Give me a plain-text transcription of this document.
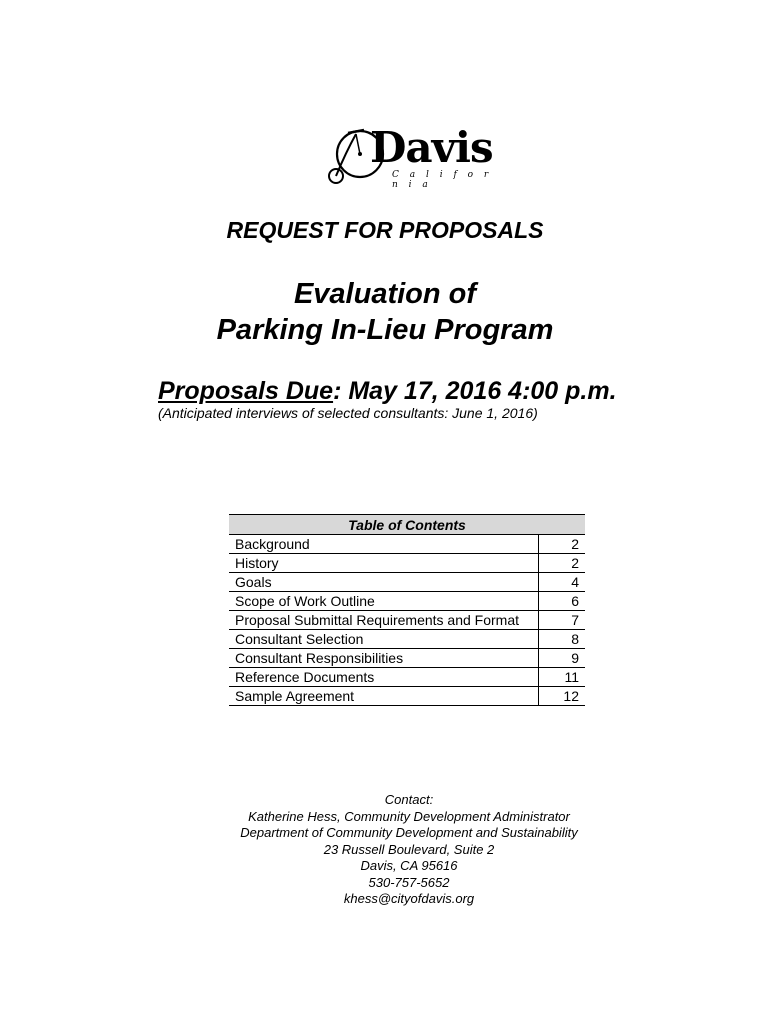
Davis
C a l i f o r n i a
REQUEST FOR PROPOSALS
Evaluation of
Parking In-Lieu Program
Proposals Due: May 17, 2016 4:00 p.m.
(Anticipated interviews of selected consultants: June 1, 2016)
Table of Contents	
Background	2
History	2
Goals	4
Scope of Work Outline	6
Proposal Submittal Requirements and Format	7
Consultant Selection	8
Consultant Responsibilities	9
Reference Documents	11
Sample Agreement	12
Contact:
Katherine Hess, Community Development Administrator
Department of Community Development and Sustainability
23 Russell Boulevard, Suite 2
Davis, CA 95616
530-757-5652
khess@cityofdavis.org
